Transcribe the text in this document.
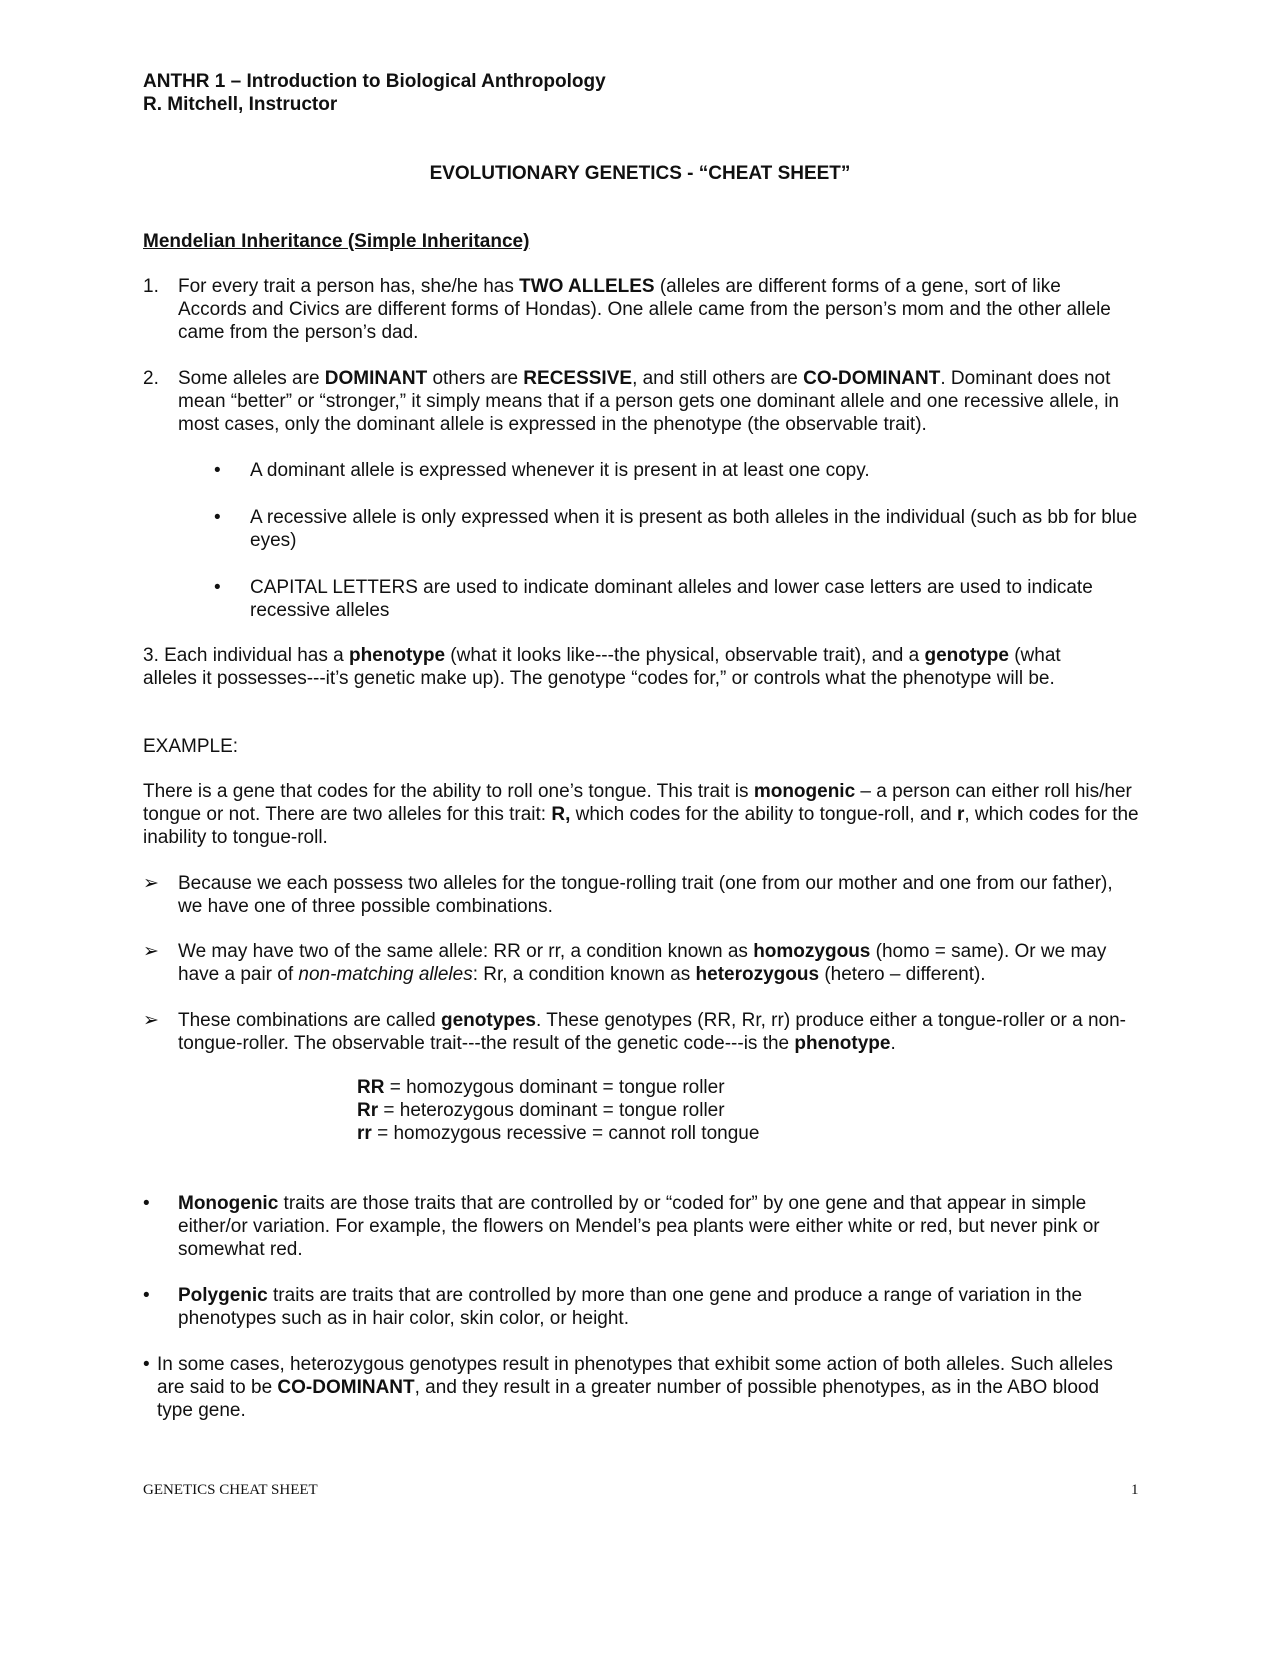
ANTHR 1 – Introduction to Biological Anthropology
R. Mitchell, Instructor
EVOLUTIONARY GENETICS - “CHEAT SHEET”
Mendelian Inheritance (Simple Inheritance)
1. For every trait a person has, she/he has TWO ALLELES (alleles are different forms of a gene, sort of like Accords and Civics are different forms of Hondas). One allele came from the person’s mom and the other allele came from the person’s dad.
2. Some alleles are DOMINANT others are RECESSIVE, and still others are CO-DOMINANT. Dominant does not mean “better” or “stronger,” it simply means that if a person gets one dominant allele and one recessive allele, in most cases, only the dominant allele is expressed in the phenotype (the observable trait).
• A dominant allele is expressed whenever it is present in at least one copy.
• A recessive allele is only expressed when it is present as both alleles in the individual (such as bb for blue eyes)
• CAPITAL LETTERS are used to indicate dominant alleles and lower case letters are used to indicate recessive alleles
3. Each individual has a phenotype (what it looks like---the physical, observable trait), and a genotype (what alleles it possesses---it’s genetic make up). The genotype “codes for,” or controls what the phenotype will be.
EXAMPLE:
There is a gene that codes for the ability to roll one’s tongue. This trait is monogenic – a person can either roll his/her tongue or not. There are two alleles for this trait: R, which codes for the ability to tongue-roll, and r, which codes for the inability to tongue-roll.
➢ Because we each possess two alleles for the tongue-rolling trait (one from our mother and one from our father), we have one of three possible combinations.
➢ We may have two of the same allele: RR or rr, a condition known as homozygous (homo = same). Or we may have a pair of non-matching alleles: Rr, a condition known as heterozygous (hetero – different).
➢ These combinations are called genotypes. These genotypes (RR, Rr, rr) produce either a tongue-roller or a non-tongue-roller. The observable trait---the result of the genetic code---is the phenotype.
RR = homozygous dominant = tongue roller
Rr = heterozygous dominant = tongue roller
rr = homozygous recessive = cannot roll tongue
• Monogenic traits are those traits that are controlled by or “coded for” by one gene and that appear in simple either/or variation. For example, the flowers on Mendel’s pea plants were either white or red, but never pink or somewhat red.
• Polygenic traits are traits that are controlled by more than one gene and produce a range of variation in the phenotypes such as in hair color, skin color, or height.
• In some cases, heterozygous genotypes result in phenotypes that exhibit some action of both alleles. Such alleles are said to be CO-DOMINANT, and they result in a greater number of possible phenotypes, as in the ABO blood type gene.
GENETICS CHEAT SHEET	1
